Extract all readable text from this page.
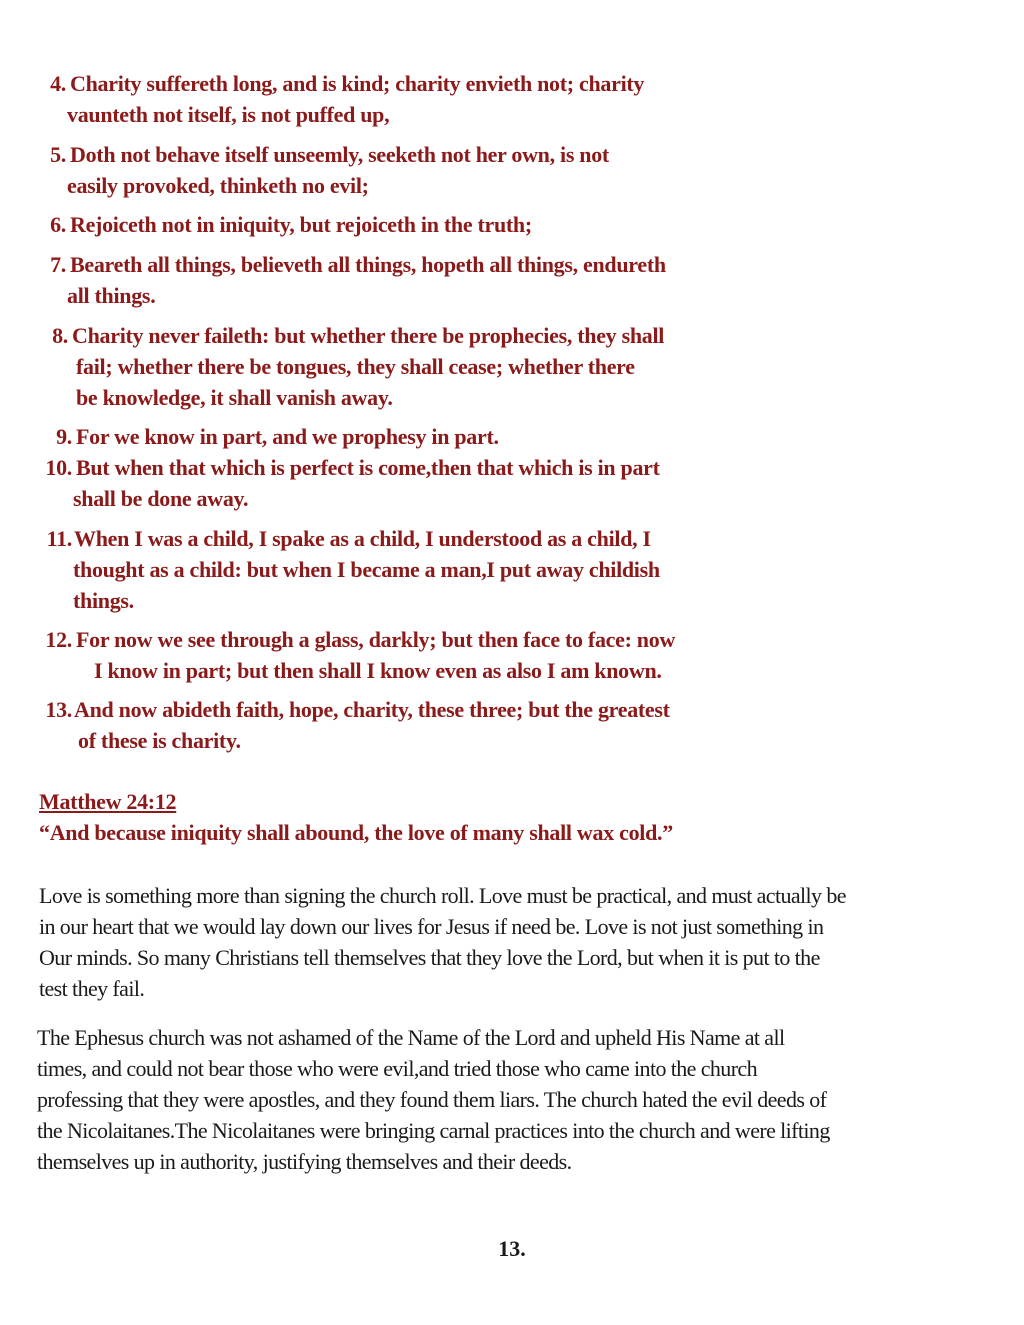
4. Charity suffereth long, and is kind; charity envieth not; charity
vaunteth not itself, is not puffed up,
5. Doth not behave itself unseemly, seeketh not her own, is not
easily provoked, thinketh no evil;
6. Rejoiceth not in iniquity, but rejoiceth in the truth;
7. Beareth all things, believeth all things, hopeth all things, endureth
all things.
8. Charity never faileth: but whether there be prophecies, they shall
fail; whether there be tongues, they shall cease; whether there
be knowledge, it shall vanish away.
9. For we know in part, and we prophesy in part.
10. But when that which is perfect is come,then that which is in part
shall be done away.
11. When I was a child, I spake as a child, I understood as a child, I
thought as a child: but when I became a man,I put away childish
things.
12. For now we see through a glass, darkly; but then face to face: now
I know in part; but then shall I know even as also I am known.
13. And now abideth faith, hope, charity, these three; but the greatest
of these is charity.
Matthew 24:12
“And because iniquity shall abound, the love of many shall wax cold.”
Love is something more than signing the church roll. Love must be practical, and must actually be
in our heart that we would lay down our lives for Jesus if need be. Love is not just something in
Our minds. So many Christians tell themselves that they love the Lord, but when it is put to the
test they fail.
The Ephesus church was not ashamed of the Name of the Lord and upheld His Name at all
times, and could not bear those who were evil,and tried those who came into the church
professing that they were apostles, and they found them liars. The church hated the evil deeds of
the Nicolaitanes.The Nicolaitanes were bringing carnal practices into the church and were lifting
themselves up in authority, justifying themselves and their deeds.
13.
